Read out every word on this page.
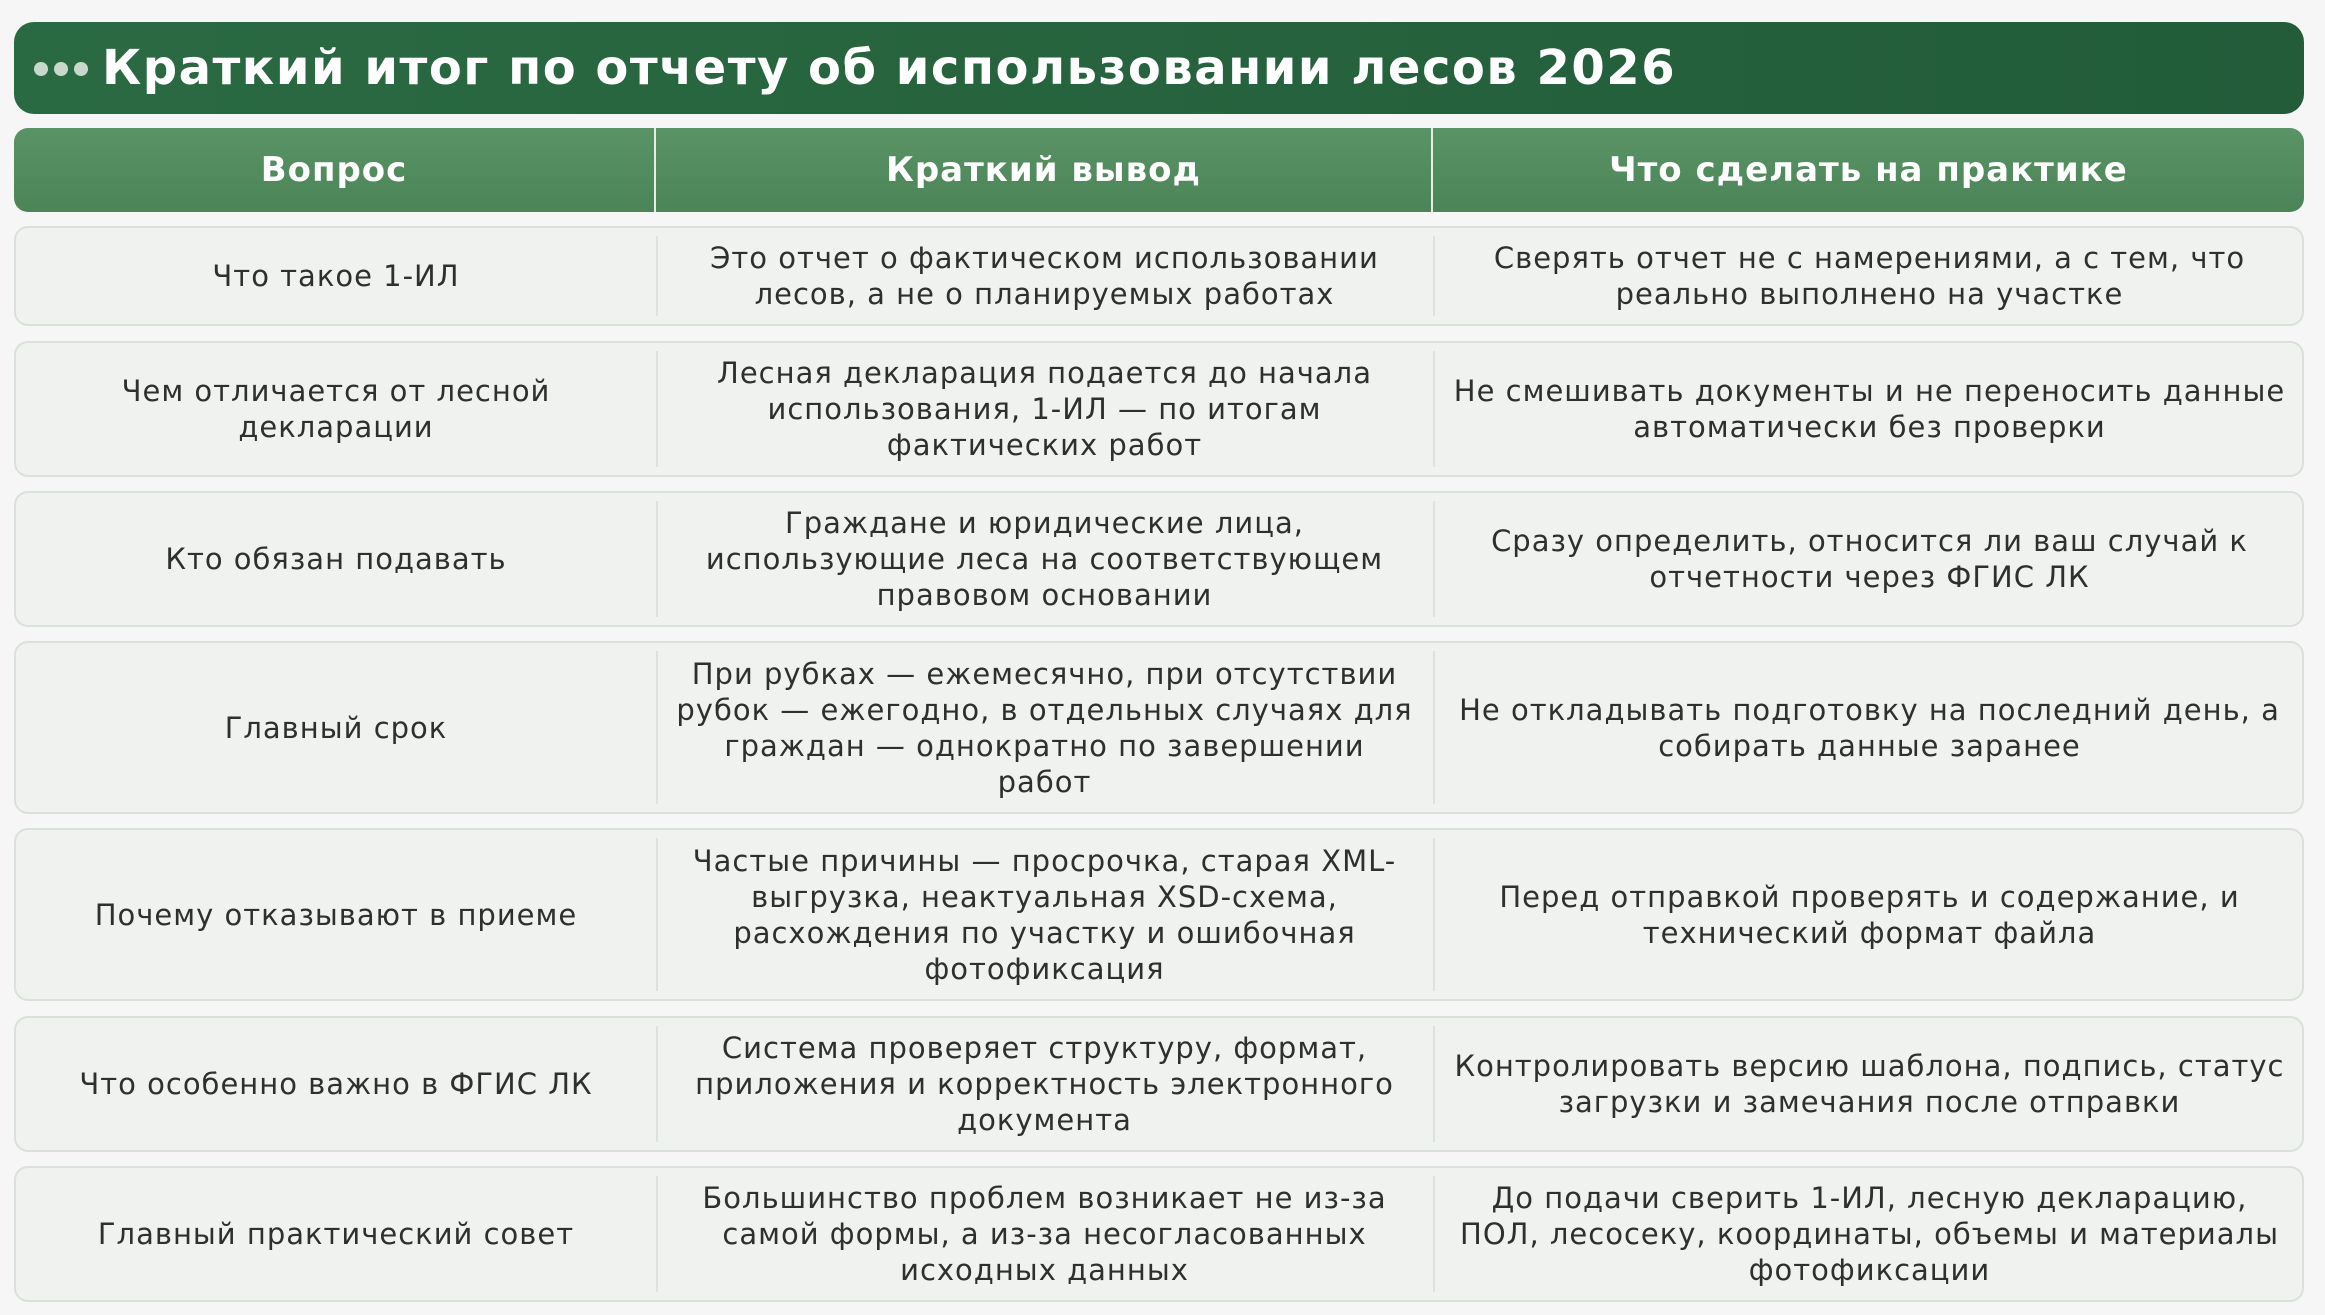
Краткий итог по отчету об использовании лесов 2026
Вопрос	Краткий вывод	Что сделать на практике
Что такое 1-ИЛ
Это отчет о фактическом использовании лесов, а не о планируемых работах
Сверять отчет не с намерениями, а с тем, что реально выполнено на участке
Чем отличается от лесной декларации
Лесная декларация подается до начала использования, 1-ИЛ — по итогам фактических работ
Не смешивать документы и не переносить данные автоматически без проверки
Кто обязан подавать
Граждане и юридические лица, использующие леса на соответствующем правовом основании
Сразу определить, относится ли ваш случай к отчетности через ФГИС ЛК
Главный срок
При рубках — ежемесячно, при отсутствии рубок — ежегодно, в отдельных случаях для граждан — однократно по завершении работ
Не откладывать подготовку на последний день, а собирать данные заранее
Почему отказывают в приеме
Частые причины — просрочка, старая XML-выгрузка, неактуальная XSD-схема, расхождения по участку и ошибочная фотофиксация
Перед отправкой проверять и содержание, и технический формат файла
Что особенно важно в ФГИС ЛК
Система проверяет структуру, формат, приложения и корректность электронного документа
Контролировать версию шаблона, подпись, статус загрузки и замечания после отправки
Главный практический совет
Большинство проблем возникает не из-за самой формы, а из-за несогласованных исходных данных
До подачи сверить 1-ИЛ, лесную декларацию, ПОЛ, лесосеку, координаты, объемы и материалы фотофиксации
